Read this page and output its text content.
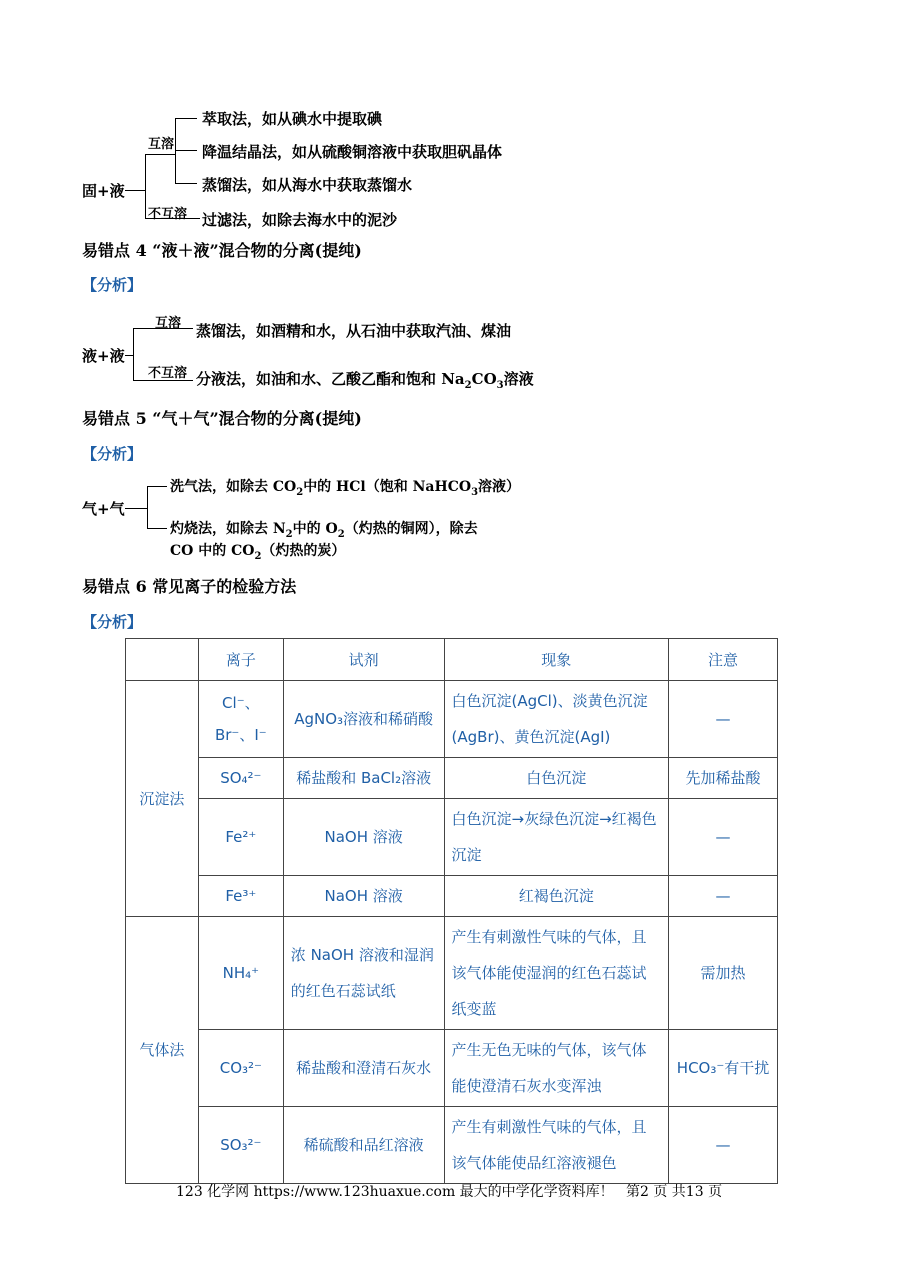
固+液
互溶
不互溶
萃取法，如从碘水中提取碘
降温结晶法，如从硫酸铜溶液中获取胆矾晶体
蒸馏法，如从海水中获取蒸馏水
过滤法，如除去海水中的泥沙
易错点 4 “液＋液”混合物的分离(提纯)
【分析】
液+液
互溶
不互溶
蒸馏法，如酒精和水，从石油中获取汽油、煤油
分液法，如油和水、乙酸乙酯和饱和 $Na_2CO_3$溶液
易错点 5 “气＋气”混合物的分离(提纯)
【分析】
气+气
洗气法，如除去 $CO_2$中的 HCl（饱和 NaHCO$_3$溶液）
灼烧法，如除去 $N_2$中的 $O_2$（灼热的铜网），除去
CO 中的 $CO_2$（灼热的炭）
易错点 6 常见离子的检验方法
【分析】
	离子	试剂	现象	注意
沉淀法	Cl⁻、Br⁻、I⁻	AgNO₃溶液和稀硝酸	白色沉淀(AgCl)、淡黄色沉淀(AgBr)、黄色沉淀(AgI)	—
	SO₄²⁻	稀盐酸和 BaCl₂溶液	白色沉淀	先加稀盐酸
	Fe²⁺	NaOH 溶液	白色沉淀→灰绿色沉淀→红褐色沉淀	—
	Fe³⁺	NaOH 溶液	红褐色沉淀	—
气体法	NH₄⁺	浓 NaOH 溶液和湿润的红色石蕊试纸	产生有刺激性气味的气体，且该气体能使湿润的红色石蕊试纸变蓝	需加热
	CO₃²⁻	稀盐酸和澄清石灰水	产生无色无味的气体，该气体能使澄清石灰水变浑浊	HCO₃⁻有干扰
	SO₃²⁻	稀硫酸和品红溶液	产生有刺激性气味的气体，且该气体能使品红溶液褪色	—
123 化学网 https://www.123huaxue.com 最大的中学化学资料库！ 第2 页 共13 页
